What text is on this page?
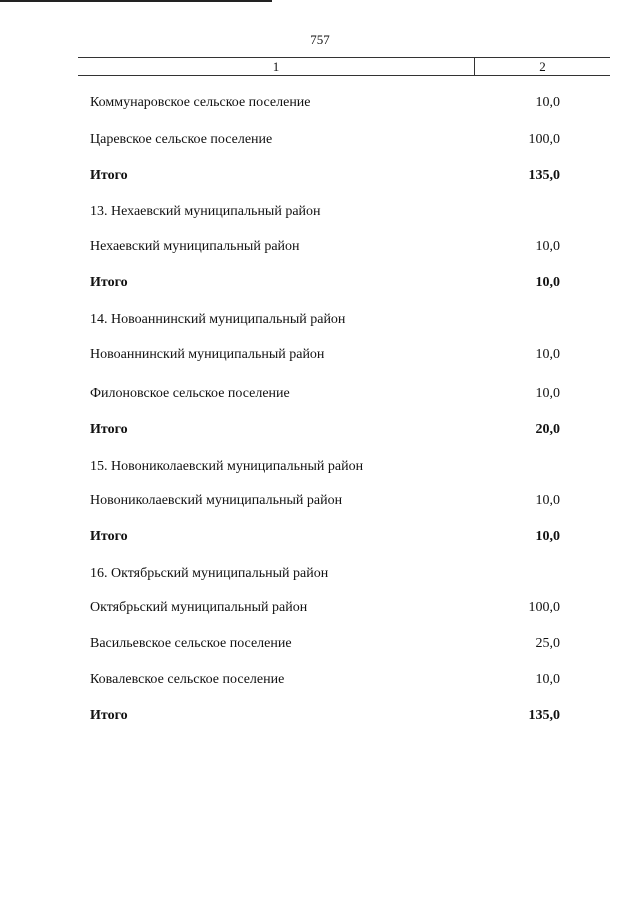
757
1	2
Коммунаровское сельское поселение	10,0
Царевское сельское поселение	100,0
Итого	135,0
13. Нехаевский муниципальный район
Нехаевский муниципальный район	10,0
Итого	10,0
14. Новоаннинский муниципальный район
Новоаннинский муниципальный район	10,0
Филоновское сельское поселение	10,0
Итого	20,0
15. Новониколаевский муниципальный район
Новониколаевский муниципальный район	10,0
Итого	10,0
16. Октябрьский муниципальный район
Октябрьский муниципальный район	100,0
Васильевское сельское поселение	25,0
Ковалевское сельское поселение	10,0
Итого	135,0
